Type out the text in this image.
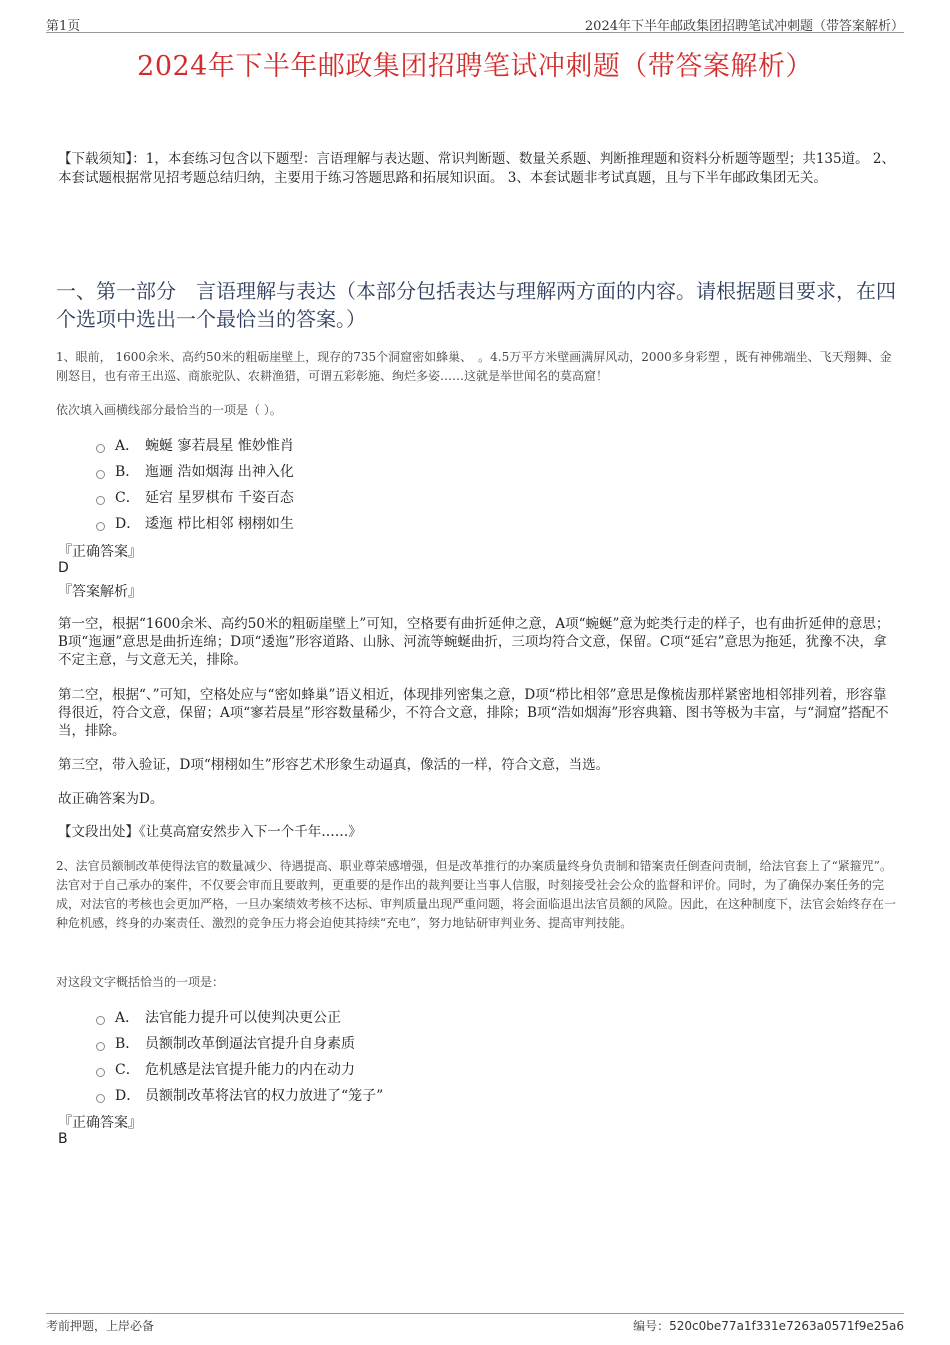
第1页	2024年下半年邮政集团招聘笔试冲刺题（带答案解析）
2024年下半年邮政集团招聘笔试冲刺题（带答案解析）
【下载须知】：1，本套练习包含以下题型：言语理解与表达题、常识判断题、数量关系题、判断推理题和资料分析题等题型；共135道。 2、本套试题根据常见招考题总结归纳，主要用于练习答题思路和拓展知识面。 3、本套试题非考试真题，且与下半年邮政集团无关。
一、第一部分　言语理解与表达（本部分包括表达与理解两方面的内容。请根据题目要求，在四个选项中选出一个最恰当的答案。）
1、眼前， 1600余米、高约50米的粗砺崖壁上，现存的735个洞窟密如蜂巢、　。4.5万平方米壁画满屏风动，2000多身彩塑 ，既有神佛端坐、飞天翔舞、金刚怒目，也有帝王出巡、商旅驼队、农耕渔猎，可谓五彩彰施、绚烂多姿……这就是举世闻名的莫高窟！
依次填入画横线部分最恰当的一项是（ ）。
A． 蜿蜒 寥若晨星 惟妙惟肖
B． 迤逦 浩如烟海 出神入化
C． 延宕 星罗棋布 千姿百态
D． 逶迤 栉比相邻 栩栩如生
『正确答案』
D
『答案解析』
第一空，根据“1600余米、高约50米的粗砺崖壁上”可知，空格要有曲折延伸之意，A项“蜿蜒”意为蛇类行走的样子，也有曲折延伸的意思；B项“迤逦”意思是曲折连绵；D项“逶迤”形容道路、山脉、河流等蜿蜒曲折，三项均符合文意，保留。C项“延宕”意思为拖延，犹豫不决，拿不定主意，与文意无关，排除。
第二空，根据“、”可知，空格处应与“密如蜂巢”语义相近，体现排列密集之意，D项“栉比相邻”意思是像梳齿那样紧密地相邻排列着，形容靠得很近，符合文意，保留；A项“寥若晨星”形容数量稀少，不符合文意，排除；B项“浩如烟海”形容典籍、图书等极为丰富，与“洞窟”搭配不当，排除。
第三空，带入验证，D项“栩栩如生”形容艺术形象生动逼真，像活的一样，符合文意，当选。
故正确答案为D。
【文段出处】《让莫高窟安然步入下一个千年……》
2、法官员额制改革使得法官的数量减少、待遇提高、职业尊荣感增强，但是改革推行的办案质量终身负责制和错案责任倒查问责制，给法官套上了“紧箍咒”。法官对于自己承办的案件，不仅要会审而且要敢判，更重要的是作出的裁判要让当事人信服，时刻接受社会公众的监督和评价。同时，为了确保办案任务的完成，对法官的考核也会更加严格，一旦办案绩效考核不达标、审判质量出现严重问题，将会面临退出法官员额的风险。因此，在这种制度下，法官会始终存在一种危机感，终身的办案责任、激烈的竞争压力将会迫使其持续“充电”，努力地钻研审判业务、提高审判技能。
对这段文字概括恰当的一项是：
A． 法官能力提升可以使判决更公正
B． 员额制改革倒逼法官提升自身素质
C． 危机感是法官提升能力的内在动力
D． 员额制改革将法官的权力放进了“笼子”
『正确答案』
B
考前押题，上岸必备	编号：520c0be77a1f331e7263a0571f9e25a6
